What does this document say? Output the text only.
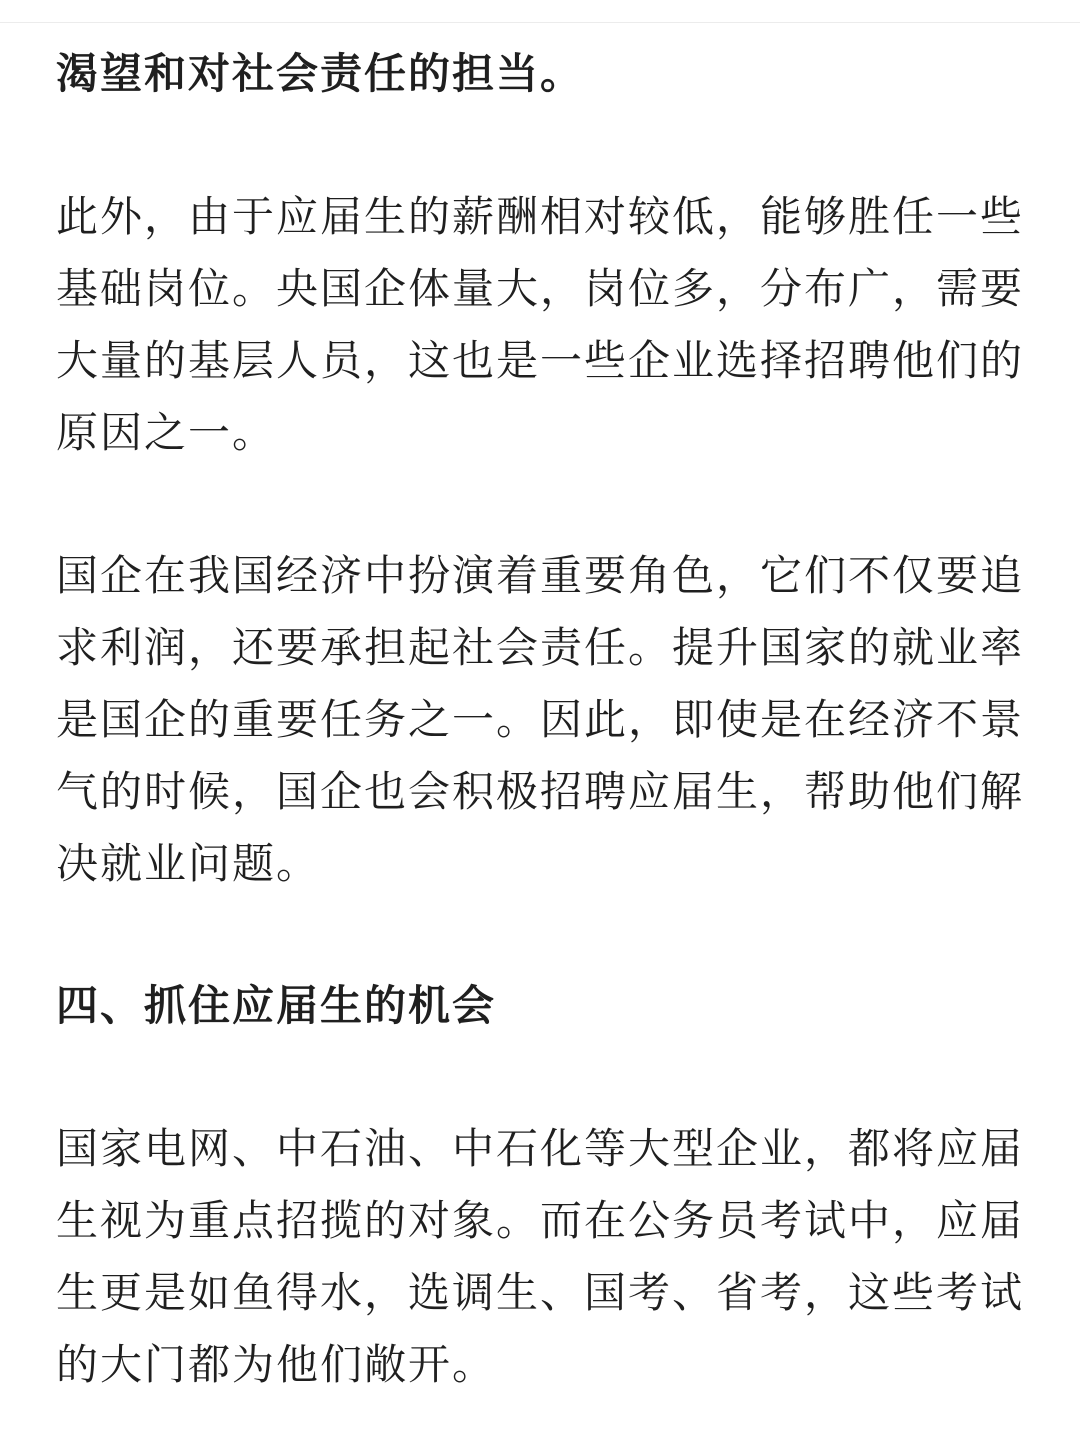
渴望和对社会责任的担当。

此外，由于应届生的薪酬相对较低，能够胜任一些基础岗位。央国企体量大，岗位多，分布广，需要大量的基层人员，这也是一些企业选择招聘他们的原因之一。

国企在我国经济中扮演着重要角色，它们不仅要追求利润，还要承担起社会责任。提升国家的就业率是国企的重要任务之一。因此，即使是在经济不景气的时候，国企也会积极招聘应届生，帮助他们解决就业问题。

四、抓住应届生的机会

国家电网、中石油、中石化等大型企业，都将应届生视为重点招揽的对象。而在公务员考试中，应届生更是如鱼得水，选调生、国考、省考，这些考试的大门都为他们敞开。
